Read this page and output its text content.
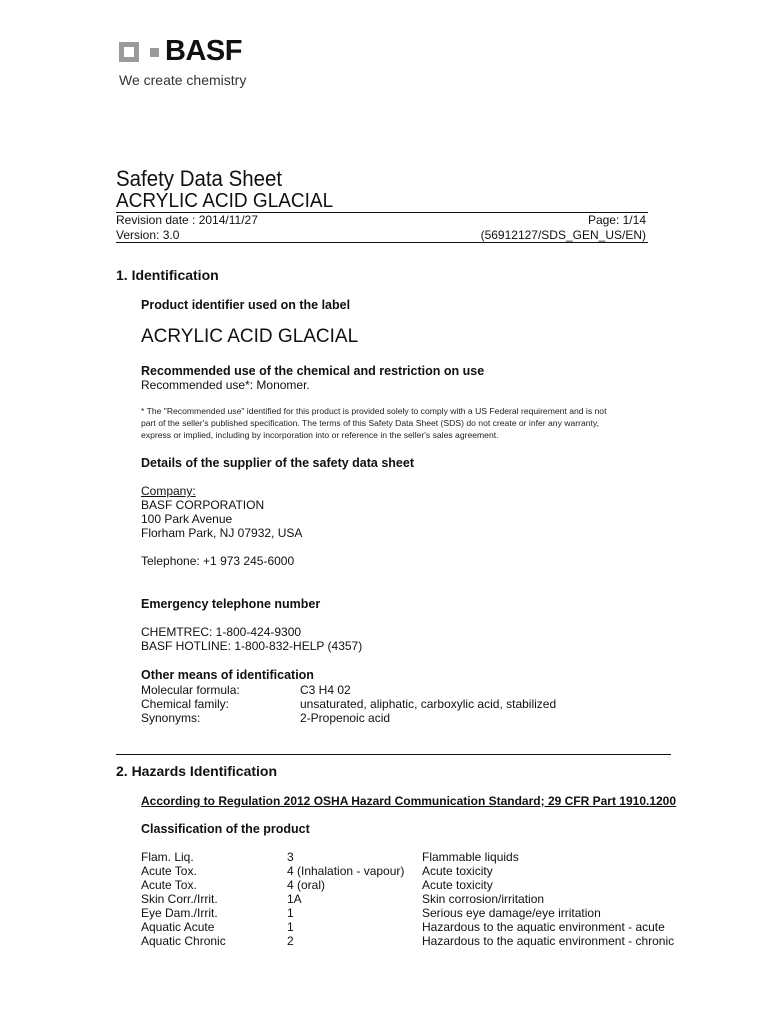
BASF
We create chemistry
Safety Data Sheet
ACRYLIC ACID GLACIAL
Revision date : 2014/11/27	Page: 1/14
Version: 3.0	(56912127/SDS_GEN_US/EN)
1. Identification
Product identifier used on the label
ACRYLIC ACID GLACIAL
Recommended use of the chemical and restriction on use
Recommended use*: Monomer.
* The "Recommended use" identified for this product is provided solely to comply with a US Federal requirement and is not
part of the seller's published specification. The terms of this Safety Data Sheet (SDS) do not create or infer any warranty,
express or implied, including by incorporation into or reference in the seller's sales agreement.
Details of the supplier of the safety data sheet
Company:
BASF CORPORATION
100 Park Avenue
Florham Park, NJ 07932, USA
Telephone: +1 973 245-6000
Emergency telephone number
CHEMTREC: 1-800-424-9300
BASF HOTLINE: 1-800-832-HELP (4357)
Other means of identification
Molecular formula:	C3 H4 02
Chemical family:	unsaturated, aliphatic, carboxylic acid, stabilized
Synonyms:	2-Propenoic acid
2. Hazards Identification
According to Regulation 2012 OSHA Hazard Communication Standard; 29 CFR Part 1910.1200
Classification of the product
Flam. Liq.	3	Flammable liquids
Acute Tox.	4 (Inhalation - vapour)	Acute toxicity
Acute Tox.	4 (oral)	Acute toxicity
Skin Corr./Irrit.	1A	Skin corrosion/irritation
Eye Dam./Irrit.	1	Serious eye damage/eye irritation
Aquatic Acute	1	Hazardous to the aquatic environment - acute
Aquatic Chronic	2	Hazardous to the aquatic environment - chronic
